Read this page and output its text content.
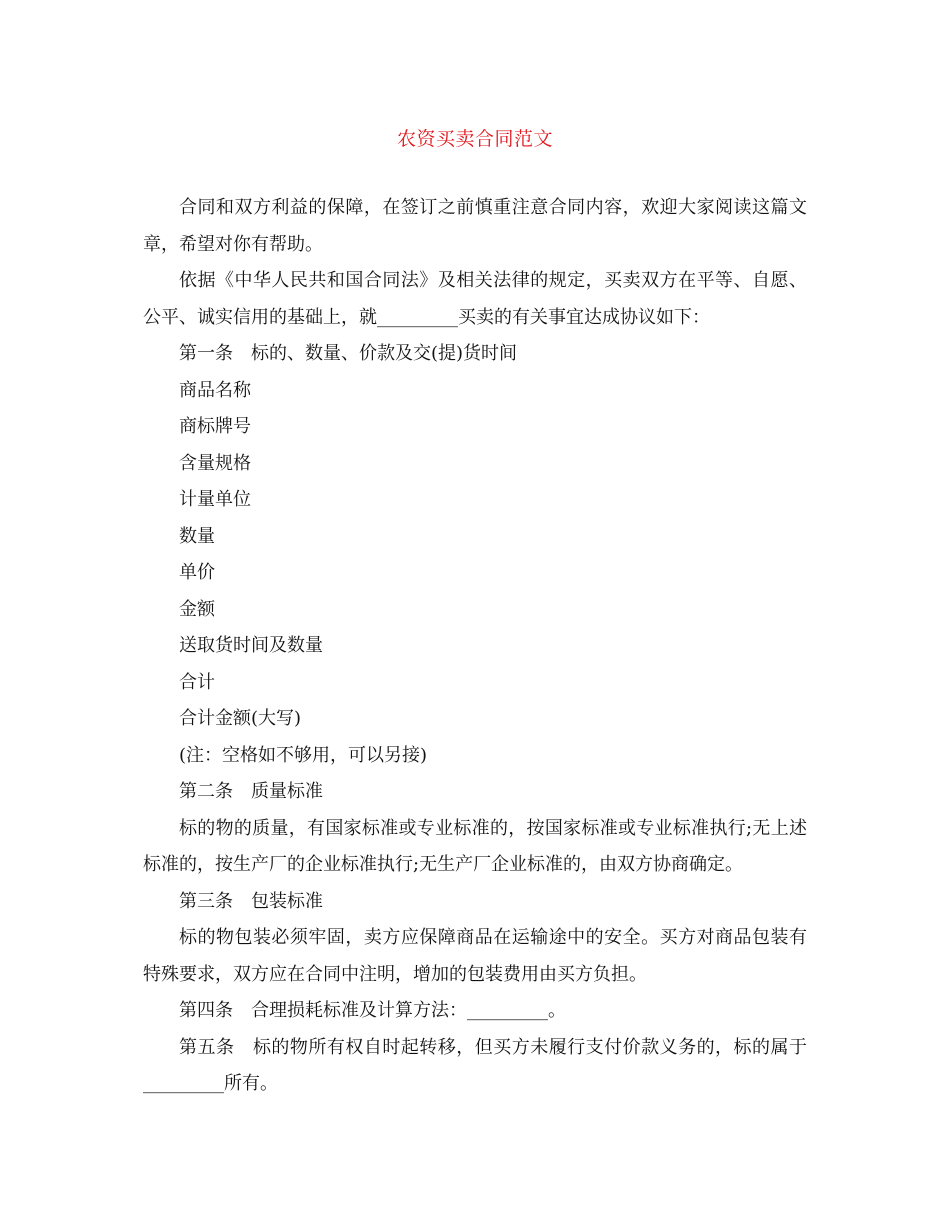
农资买卖合同范文

合同和双方利益的保障，在签订之前慎重注意合同内容，欢迎大家阅读这篇文章，希望对你有帮助。

依据《中华人民共和国合同法》及相关法律的规定，买卖双方在平等、自愿、公平、诚实信用的基础上，就_________买卖的有关事宜达成协议如下：

第一条　标的、数量、价款及交(提)货时间

商品名称

商标牌号

含量规格

计量单位

数量

单价

金额

送取货时间及数量

合计

合计金额(大写)

(注：空格如不够用，可以另接)

第二条　质量标准

标的物的质量，有国家标准或专业标准的，按国家标准或专业标准执行;无上述标准的，按生产厂的企业标准执行;无生产厂企业标准的，由双方协商确定。

第三条　包装标准

标的物包装必须牢固，卖方应保障商品在运输途中的安全。买方对商品包装有特殊要求，双方应在合同中注明，增加的包装费用由买方负担。

第四条　合理损耗标准及计算方法：_________。

第五条　标的物所有权自时起转移，但买方未履行支付价款义务的，标的属于_________所有。
